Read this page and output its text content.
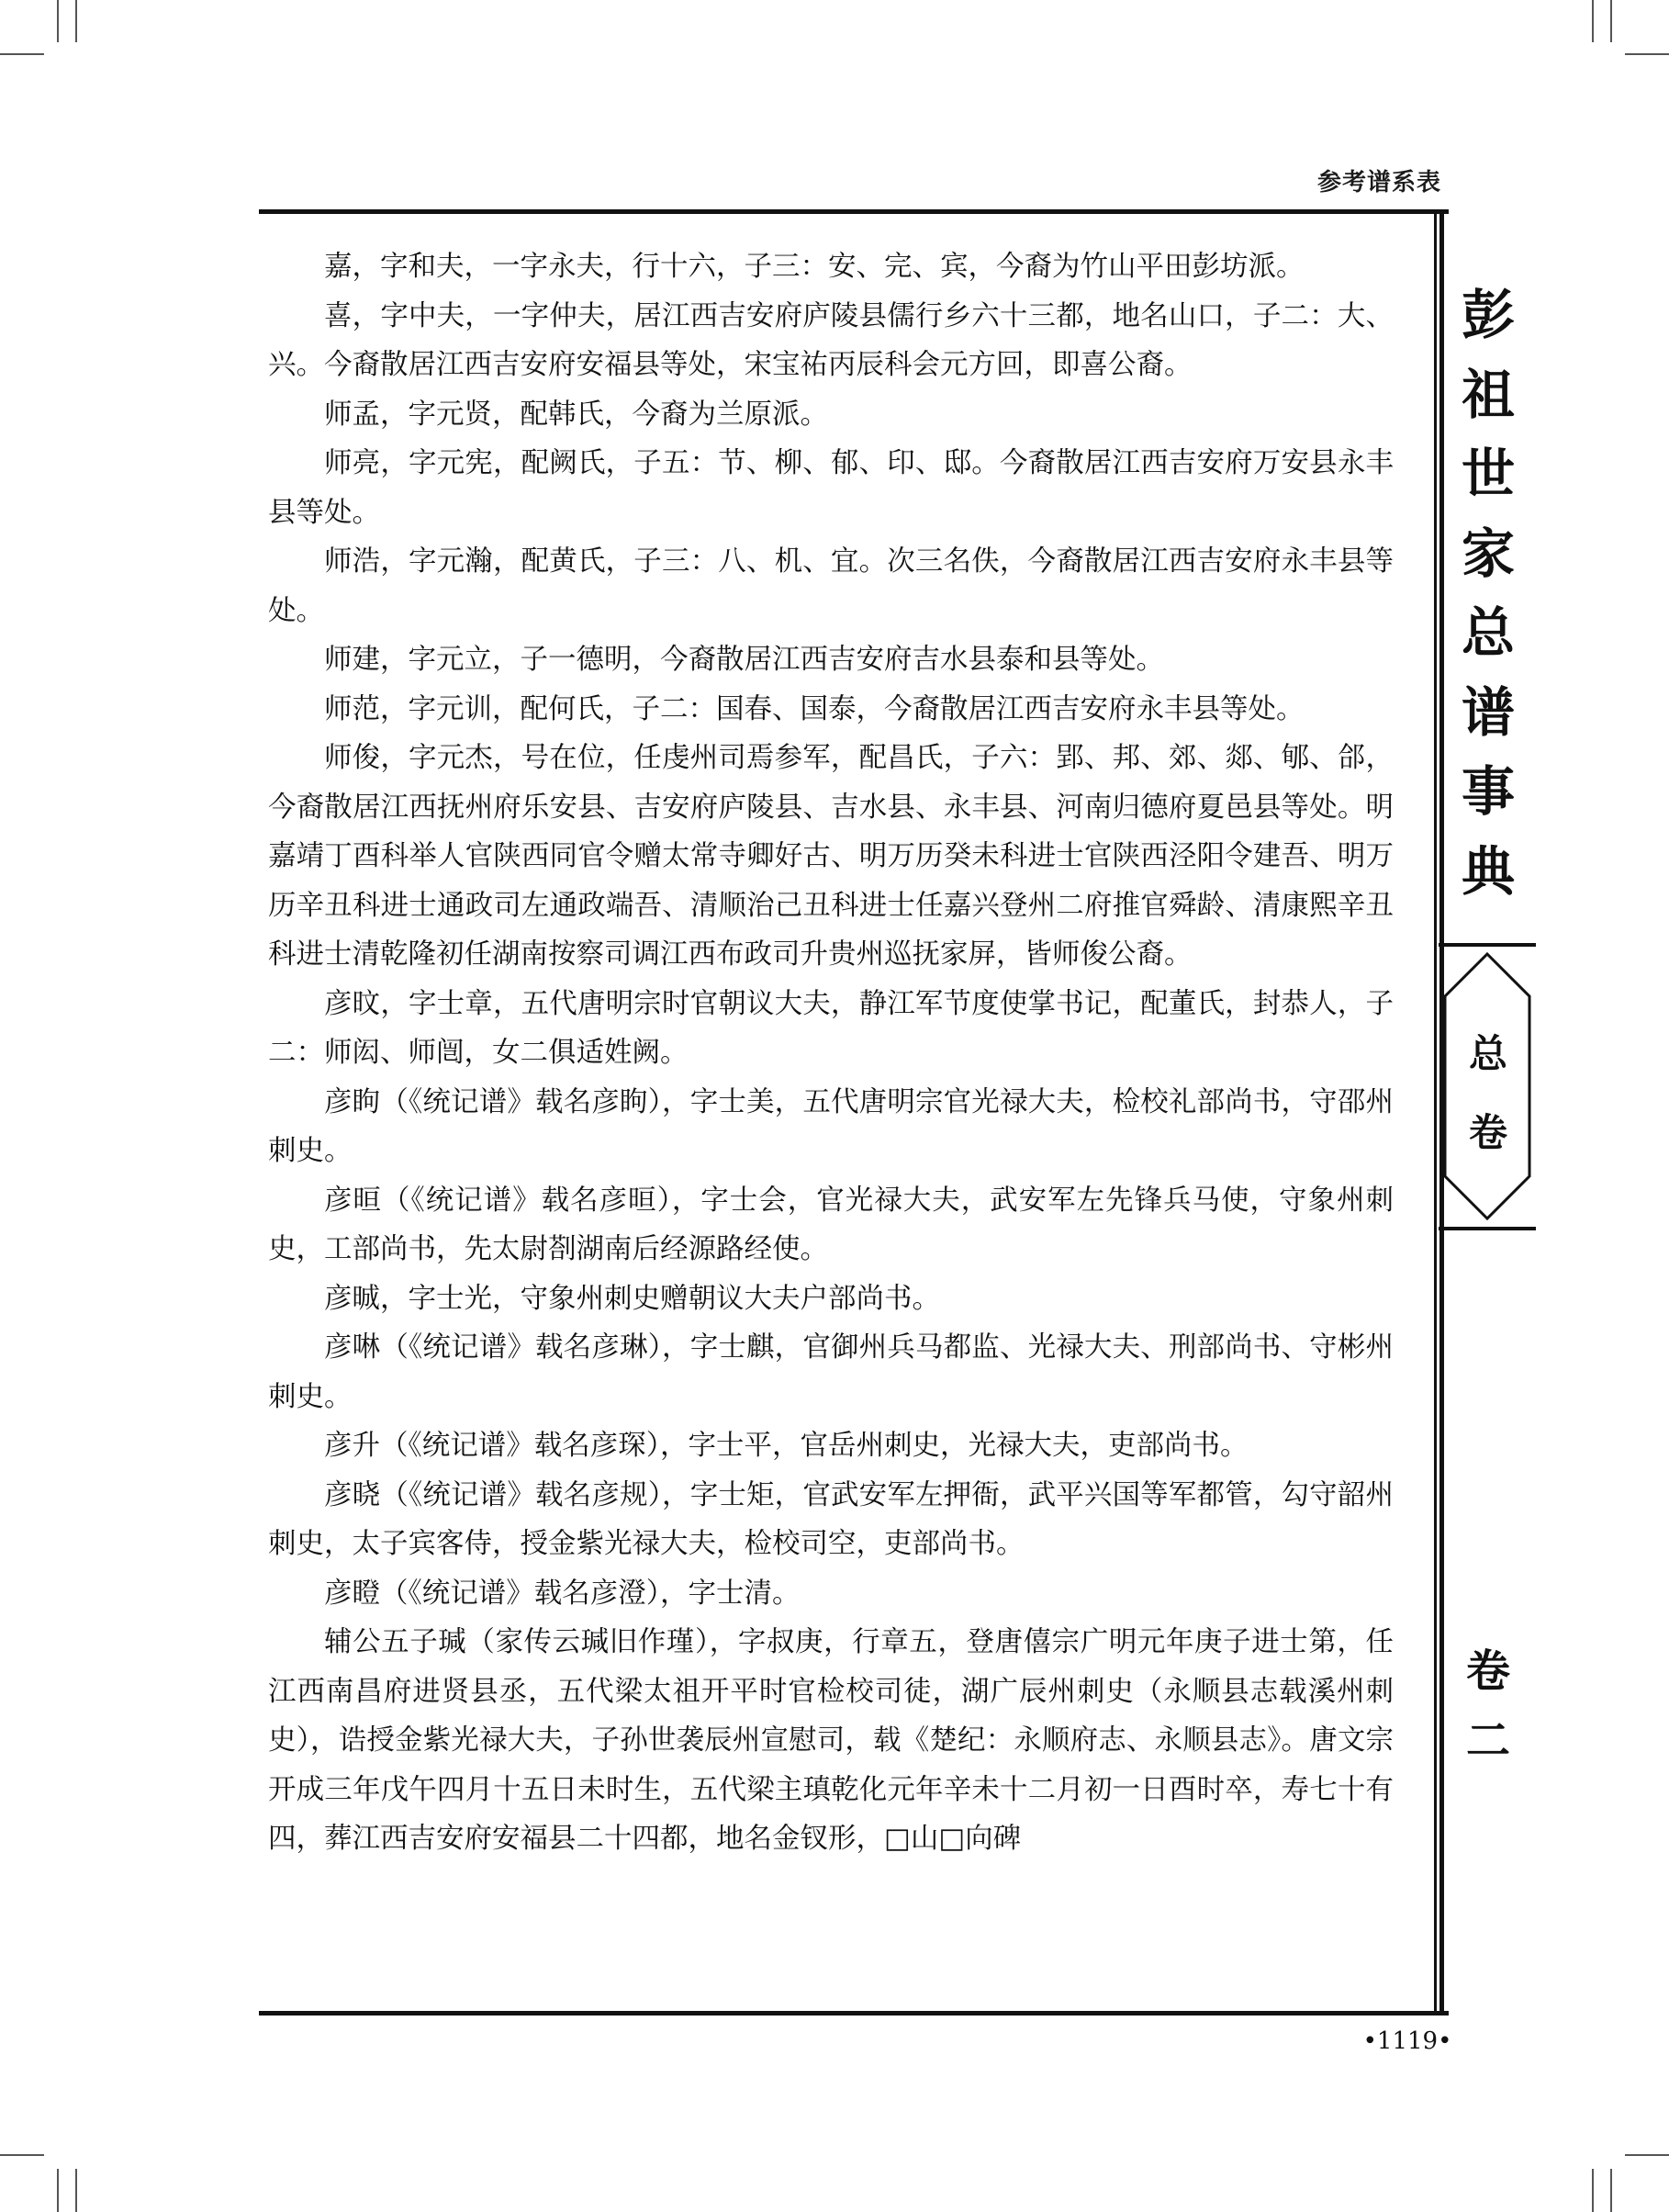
参考谱系表

嘉，字和夫，一字永夫，行十六，子三：安、完、宾，今裔为竹山平田彭坊派。

喜，字中夫，一字仲夫，居江西吉安府庐陵县儒行乡六十三都，地名山口，子二：大、兴。今裔散居江西吉安府安福县等处，宋宝祐丙辰科会元方回，即喜公裔。

师孟，字元贤，配韩氏，今裔为兰原派。

师亮，字元宪，配阙氏，子五：节、柳、郁、印、邸。今裔散居江西吉安府万安县永丰县等处。

师浩，字元瀚，配黄氏，子三：八、机、宜。次三名佚，今裔散居江西吉安府永丰县等处。

师建，字元立，子一德明，今裔散居江西吉安府吉水县泰和县等处。

师范，字元训，配何氏，子二：国春、国泰，今裔散居江西吉安府永丰县等处。

师俊，字元杰，号在位，任虔州司焉参军，配昌氏，子六：郢、邦、郊、郯、郇、郃，今裔散居江西抚州府乐安县、吉安府庐陵县、吉水县、永丰县、河南归德府夏邑县等处。明嘉靖丁酉科举人官陕西同官令赠太常寺卿好古、明万历癸未科进士官陕西泾阳令建吾、明万历辛丑科进士通政司左通政端吾、清顺治己丑科进士任嘉兴登州二府推官舜龄、清康熙辛丑科进士清乾隆初任湖南按察司调江西布政司升贵州巡抚家屏，皆师俊公裔。

彦旼，字士章，五代唐明宗时官朝议大夫，静江军节度使掌书记，配董氏，封恭人，子二：师闳、师闿，女二俱适姓阙。

彦眗（《统记谱》载名彦眗），字士美，五代唐明宗官光禄大夫，检校礼部尚书，守邵州刺史。

彦晅（《统记谱》载名彦晅），字士会，官光禄大夫，武安军左先锋兵马使，守象州刺史，工部尚书，先太尉剳湖南后经源路经使。

彦晠，字士光，守象州刺史赠朝议大夫户部尚书。

彦啉（《统记谱》载名彦琳），字士麒，官御州兵马都监、光禄大夫、刑部尚书、守彬州刺史。

彦升（《统记谱》载名彦琛），字士平，官岳州刺史，光禄大夫，吏部尚书。

彦晓（《统记谱》载名彦规），字士矩，官武安军左押衙，武平兴国等军都管，勾守韶州刺史，太子宾客侍，授金紫光禄大夫，检校司空，吏部尚书。

彦瞪（《统记谱》载名彦澄），字士清。

辅公五子瑊（家传云瑊旧作瑾），字叔庚，行章五，登唐僖宗广明元年庚子进士第，任江西南昌府进贤县丞，五代梁太祖开平时官检校司徒，湖广辰州刺史（永顺县志载溪州刺史），诰授金紫光禄大夫，子孙世袭辰州宣慰司，载《楚纪：永顺府志、永顺县志》。唐文宗开成三年戊午四月十五日未时生，五代梁主瑱乾化元年辛未十二月初一日酉时卒，寿七十有四，葬江西吉安府安福县二十四都，地名金钗形，□山□向碑

彭
祖
世
家
总
谱
事
典
总
卷
卷
二
•1119•
